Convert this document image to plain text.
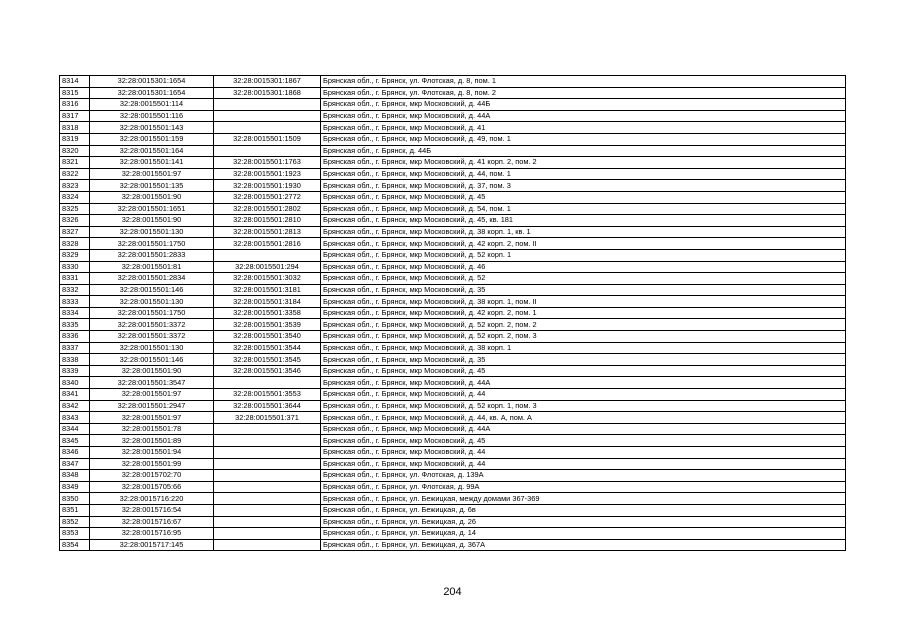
8314	32:28:0015301:1654	32:28:0015301:1867	Брянская обл., г. Брянск, ул. Флотская, д. 8, пом. 1
8315	32:28:0015301:1654	32:28:0015301:1868	Брянская обл., г. Брянск, ул. Флотская, д. 8, пом. 2
8316	32:28:0015501:114		Брянская обл., г. Брянск, мкр Московский, д. 44Б
8317	32:28:0015501:116		Брянская обл., г. Брянск, мкр Московский, д. 44А
8318	32:28:0015501:143		Брянская обл., г. Брянск, мкр Московский, д. 41
8319	32:28:0015501:159	32:28:0015501:1509	Брянская обл., г. Брянск, мкр Московский, д. 49, пом. 1
8320	32:28:0015501:164		Брянская обл., г. Брянск, д. 44Б
8321	32:28:0015501:141	32:28:0015501:1763	Брянская обл., г. Брянск, мкр Московский, д. 41 корп. 2, пом. 2
8322	32:28:0015501:97	32:28:0015501:1923	Брянская обл., г. Брянск, мкр Московский, д. 44, пом. 1
8323	32:28:0015501:135	32:28:0015501:1930	Брянская обл., г. Брянск, мкр Московский, д. 37, пом. 3
8324	32:28:0015501:90	32:28:0015501:2772	Брянская обл., г. Брянск, мкр Московский, д. 45
8325	32:28:0015501:1651	32:28:0015501:2802	Брянская обл., г. Брянск, мкр Московский, д. 54, пом. 1
8326	32:28:0015501:90	32:28:0015501:2810	Брянская обл., г. Брянск, мкр Московский, д. 45, кв. 181
8327	32:28:0015501:130	32:28:0015501:2813	Брянская обл., г. Брянск, мкр Московский, д. 38 корп. 1, кв. 1
8328	32:28:0015501:1750	32:28:0015501:2816	Брянская обл., г. Брянск, мкр Московский, д. 42 корп. 2, пом. II
8329	32:28:0015501:2833		Брянская обл., г. Брянск, мкр Московский, д. 52 корп. 1
8330	32:28:0015501:81	32:28:0015501:294	Брянская обл., г. Брянск, мкр Московский, д. 46
8331	32:28:0015501:2834	32:28:0015501:3032	Брянская обл., г. Брянск, мкр Московский, д. 52
8332	32:28:0015501:146	32:28:0015501:3181	Брянская обл., г. Брянск, мкр Московский, д. 35
8333	32:28:0015501:130	32:28:0015501:3184	Брянская обл., г. Брянск, мкр Московский, д. 38 корп. 1, пом. II
8334	32:28:0015501:1750	32:28:0015501:3358	Брянская обл., г. Брянск, мкр Московский, д. 42 корп. 2, пом. 1
8335	32:28:0015501:3372	32:28:0015501:3539	Брянская обл., г. Брянск, мкр Московский, д. 52 корп. 2, пом. 2
8336	32:28:0015501:3372	32:28:0015501:3540	Брянская обл., г. Брянск, мкр Московский, д. 52 корп. 2, пом. 3
8337	32:28:0015501:130	32:28:0015501:3544	Брянская обл., г. Брянск, мкр Московский, д. 38 корп. 1
8338	32:28:0015501:146	32:28:0015501:3545	Брянская обл., г. Брянск, мкр Московский, д. 35
8339	32:28:0015501:90	32:28:0015501:3546	Брянская обл., г. Брянск, мкр Московский, д. 45
8340	32:28:0015501:3547		Брянская обл., г. Брянск, мкр Московский, д. 44А
8341	32:28:0015501:97	32:28:0015501:3553	Брянская обл., г. Брянск, мкр Московский, д. 44
8342	32:28:0015501:2947	32:28:0015501:3644	Брянская обл., г. Брянск, мкр Московский, д. 52 корп. 1, пом. 3
8343	32:28:0015501:97	32:28:0015501:371	Брянская обл., г. Брянск, мкр Московский, д. 44, кв. А, пом. А
8344	32:28:0015501:78		Брянская обл., г. Брянск, мкр Московский, д. 44А
8345	32:28:0015501:89		Брянская обл., г. Брянск, мкр Московский, д. 45
8346	32:28:0015501:94		Брянская обл., г. Брянск, мкр Московский, д. 44
8347	32:28:0015501:99		Брянская обл., г. Брянск, мкр Московский, д. 44
8348	32:28:0015702:70		Брянская обл., г. Брянск, ул. Флотская, д. 139А
8349	32:28:0015705:66		Брянская обл., г. Брянск, ул. Флотская, д. 99А
8350	32:28:0015716:220		Брянская обл., г. Брянск, ул. Бежицкая, между домами 367-369
8351	32:28:0015716:54		Брянская обл., г. Брянск, ул. Бежицкая, д. 6в
8352	32:28:0015716:67		Брянская обл., г. Брянск, ул. Бежицкая, д. 26
8353	32:28:0015716:95		Брянская обл., г. Брянск, ул. Бежицкая, д. 14
8354	32:28:0015717:145		Брянская обл., г. Брянск, ул. Бежицкая, д. 367А
204
